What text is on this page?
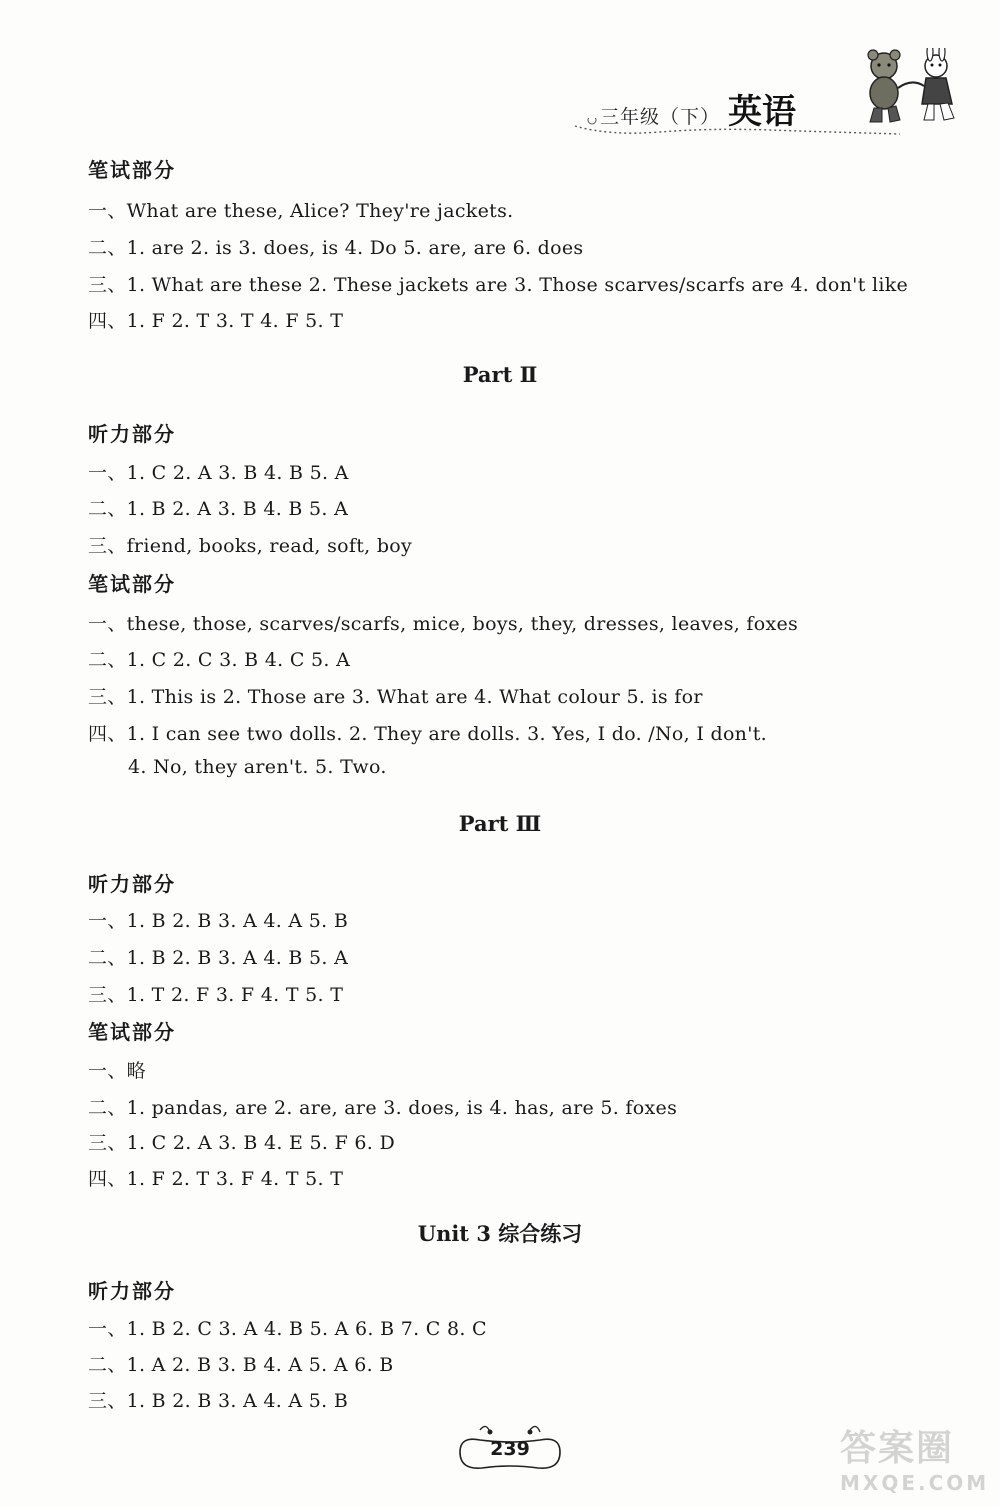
三年级（下） 英语
笔试部分
一、What are these, Alice? They're jackets.
二、1. are 2. is 3. does, is 4. Do 5. are, are 6. does
三、1. What are these 2. These jackets are 3. Those scarves/scarfs are 4. don't like
四、1. F 2. T 3. T 4. F 5. T
Part Ⅱ
听力部分
一、1. C 2. A 3. B 4. B 5. A
二、1. B 2. A 3. B 4. B 5. A
三、friend, books, read, soft, boy
笔试部分
一、these, those, scarves/scarfs, mice, boys, they, dresses, leaves, foxes
二、1. C 2. C 3. B 4. C 5. A
三、1. This is 2. Those are 3. What are 4. What colour 5. is for
四、1. I can see two dolls. 2. They are dolls. 3. Yes, I do. /No, I don't.
4. No, they aren't. 5. Two.
Part Ⅲ
听力部分
一、1. B 2. B 3. A 4. A 5. B
二、1. B 2. B 3. A 4. B 5. A
三、1. T 2. F 3. F 4. T 5. T
笔试部分
一、略
二、1. pandas, are 2. are, are 3. does, is 4. has, are 5. foxes
三、1. C 2. A 3. B 4. E 5. F 6. D
四、1. F 2. T 3. F 4. T 5. T
Unit 3 综合练习
听力部分
一、1. B 2. C 3. A 4. B 5. A 6. B 7. C 8. C
二、1. A 2. B 3. B 4. A 5. A 6. B
三、1. B 2. B 3. A 4. A 5. B
239	答案圈
MXQE.COM
